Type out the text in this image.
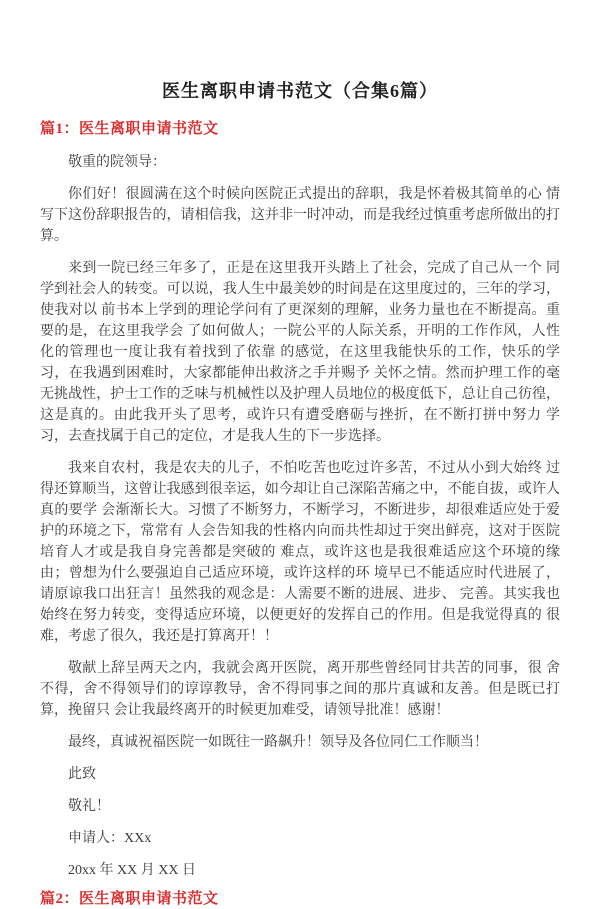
医生离职申请书范文（合集6篇）
篇1：医生离职申请书范文

敬重的院领导：

你们好！很圆满在这个时候向医院正式提出的辞职，我是怀着极其简单的心 情写下这份辞职报告的，请相信我，这并非一时冲动，而是我经过慎重考虑所做出的打算。

来到一院已经三年多了，正是在这里我开头踏上了社会，完成了自己从一个 同学到社会人的转变。可以说，我人生中最美妙的时间是在这里度过的，三年的学习，使我对以 前书本上学到的理论学问有了更深刻的理解，业务力量也在不断提高。重要的是，在这里我学会 了如何做人；一院公平的人际关系，开明的工作作风，人性化的管理也一度让我有着找到了依靠 的感觉，在这里我能快乐的工作，快乐的学习，在我遇到困难时，大家都能伸出救济之手并赐予 关怀之情。然而护理工作的毫无挑战性，护士工作的乏味与机械性以及护理人员地位的极度低下，总让自己彷徨，这是真的。由此我开头了思考，或许只有遭受磨砺与挫折，在不断打拼中努力 学习，去查找属于自己的定位，才是我人生的下一步选择。

我来自农村，我是农夫的儿子，不怕吃苦也吃过许多苦，不过从小到大始终 过得还算顺当，这曾让我感到很幸运，如今却让自己深陷苦痛之中，不能自拔，或许人真的要学 会渐渐长大。习惯了不断努力，不断学习，不断进步，却很难适应处于爱护的环境之下，常常有 人会告知我的性格内向而共性却过于突出鲜亮，这对于医院培育人才或是我自身完善都是突破的 难点，或许这也是我很难适应这个环境的缘由；曾想为什么要强迫自己适应环境，或许这样的环 境早已不能适应时代进展了，请原谅我口出狂言！虽然我的观念是：人需要不断的进展、进步、 完善。其实我也始终在努力转变，变得适应环境，以便更好的发挥自己的作用。但是我觉得真的 很难，考虑了很久，我还是打算离开！！

敬献上辞呈两天之内，我就会离开医院，离开那些曾经同甘共苦的同事，很 舍不得，舍不得领导们的谆谆教导，舍不得同事之间的那片真诚和友善。但是既已打算，挽留只 会让我最终离开的时候更加难受，请领导批准！感谢！

最终，真诚祝福医院一如既往一路飙升！领导及各位同仁工作顺当！

此致

敬礼！

申请人：XXx

20xx 年 XX 月 XX 日

篇2：医生离职申请书范文
